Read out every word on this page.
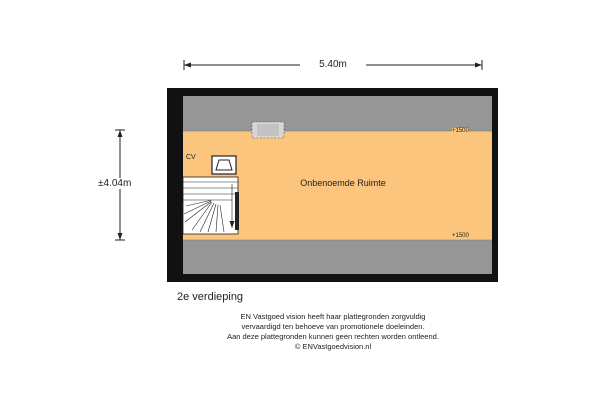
5.40m
±4.04m	Onbenoemde Ruimte
CV
+1500
+1500
2e verdieping
EN Vastgoed vision heeft haar plattegronden zorgvuldig
vervaardigd ten behoeve van promotionele doeleinden.
Aan deze plattegronden kunnen geen rechten worden ontleend.
© ENVastgoedvision.nl
